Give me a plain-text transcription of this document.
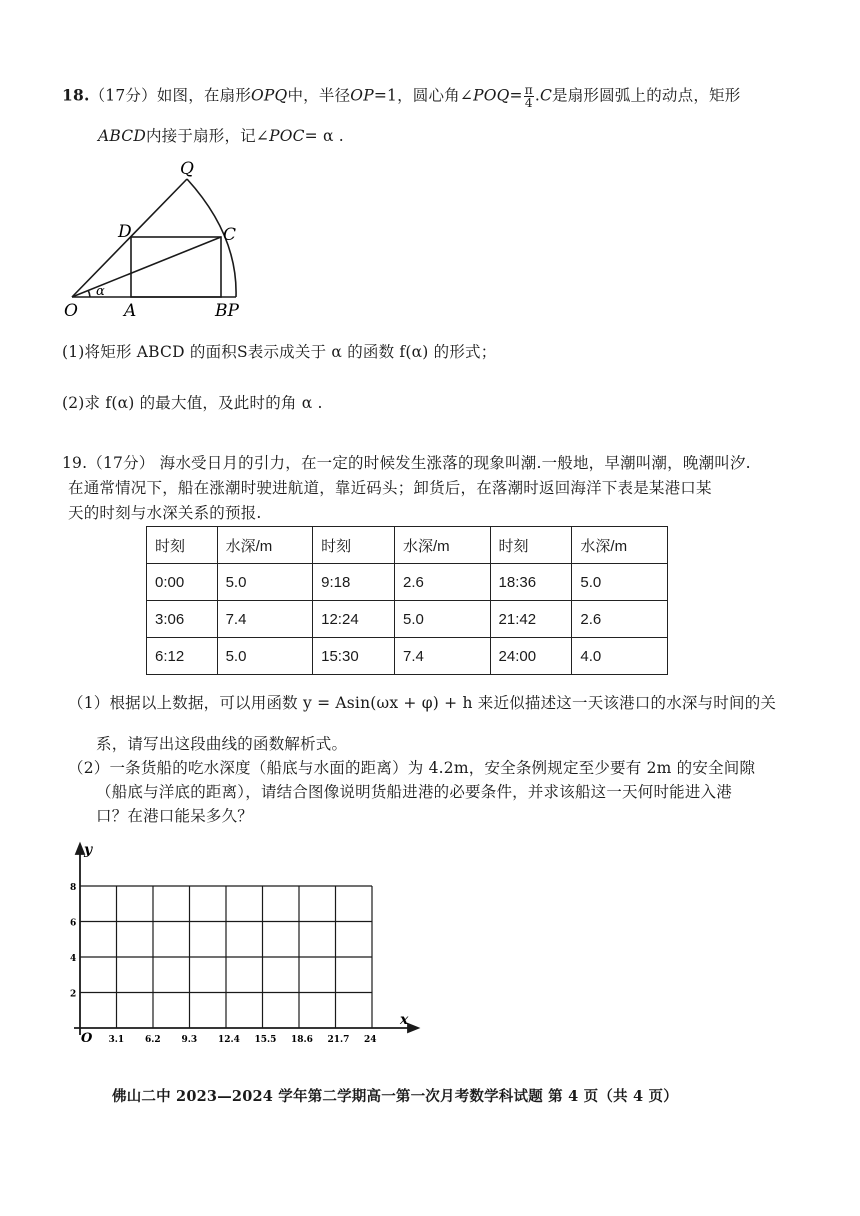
18.（17分）如图，在扇形OPQ中，半径OP=1，圆心角∠POQ= $\frac{\pi}{4} .C$是扇形圆弧上的动点，矩形
ABCD内接于扇形，记∠POC= α .
Q
D	C
O	A	BP
α
(1)将矩形 ABCD 的面积S表示成关于 α 的函数 f(α) 的形式；
(2)求 f(α) 的最大值，及此时的角 α .
19.（17分） 海水受日月的引力，在一定的时候发生涨落的现象叫潮.一般地，早潮叫潮，晚潮叫汐.
在通常情况下，船在涨潮时驶进航道，靠近码头；卸货后，在落潮时返回海洋下表是某港口某
天的时刻与水深关系的预报.
时刻	水深/m	时刻	水深/m	时刻	水深/m
0:00	5.0	9:18	2.6	18:36	5.0
3:06	7.4	12:24	5.0	21:42	2.6
6:12	5.0	15:30	7.4	24:00	4.0
（1）根据以上数据，可以用函数 y = Asin(ωx + φ) + h 来近似描述这一天该港口的水深与时间的关
系，请写出这段曲线的函数解析式。
（2）一条货船的吃水深度（船底与水面的距离）为 4.2m，安全条例规定至少要有 2m 的安全间隙
（船底与洋底的距离），请结合图像说明货船进港的必要条件，并求该船这一天何时能进入港
口？在港口能呆多久？
y
x
O
2
4
6
8
3.1 6.2 9.3 12.4 15.5 18.6 21.7 24
佛山二中 2023—2024 学年第二学期高一第一次月考数学科试题 第 4 页（共 4 页）
